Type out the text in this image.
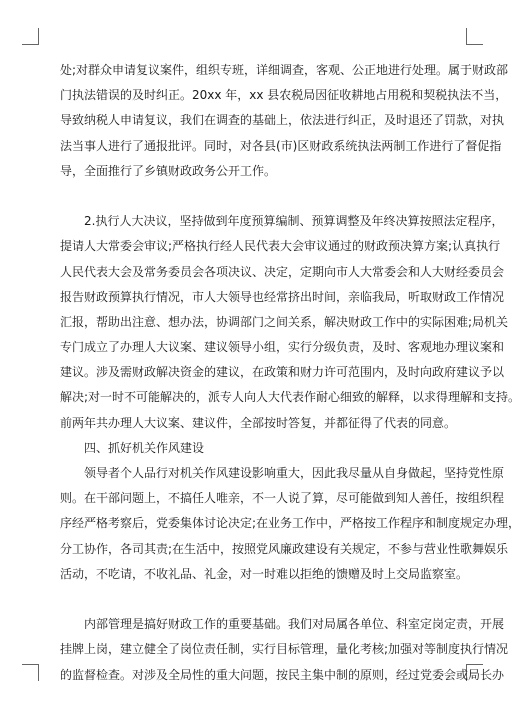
处;对群众申请复议案件，组织专班，详细调查，客观、公正地进行处理。属于财政部
门执法错误的及时纠正。20xx 年，xx 县农税局因征收耕地占用税和契税执法不当，
导致纳税人申请复议，我们在调查的基础上，依法进行纠正，及时退还了罚款，对执
法当事人进行了通报批评。同时，对各县(市)区财政系统执法两制工作进行了督促指
导，全面推行了乡镇财政政务公开工作。
2.执行人大决议，坚持做到年度预算编制、预算调整及年终决算按照法定程序，
提请人大常委会审议;严格执行经人民代表大会审议通过的财政预决算方案;认真执行
人民代表大会及常务委员会各项决议、决定，定期向市人大常委会和人大财经委员会
报告财政预算执行情况，市人大领导也经常挤出时间，亲临我局，听取财政工作情况
汇报，帮助出注意、想办法，协调部门之间关系，解决财政工作中的实际困难;局机关
专门成立了办理人大议案、建议领导小组，实行分级负责，及时、客观地办理议案和
建议。涉及需财政解决资金的建议，在政策和财力许可范围内，及时向政府建议予以
解决;对一时不可能解决的，派专人向人大代表作耐心细致的解释，以求得理解和支持。
前两年共办理人大议案、建议件，全部按时答复，并都征得了代表的同意。
四、抓好机关作风建设
领导者个人品行对机关作风建设影响重大，因此我尽量从自身做起，坚持党性原
则。在干部问题上，不搞任人唯亲，不一人说了算，尽可能做到知人善任，按组织程
序经严格考察后，党委集体讨论决定;在业务工作中，严格按工作程序和制度规定办理，
分工协作，各司其责;在生活中，按照党风廉政建设有关规定，不参与营业性歌舞娱乐
活动，不吃请，不收礼品、礼金，对一时难以拒绝的馈赠及时上交局监察室。
内部管理是搞好财政工作的重要基础。我们对局属各单位、科室定岗定责，开展
挂牌上岗，建立健全了岗位责任制，实行目标管理，量化考核;加强对等制度执行情况
的监督检查。对涉及全局性的重大问题，按民主集中制的原则，经过党委会或局长办
